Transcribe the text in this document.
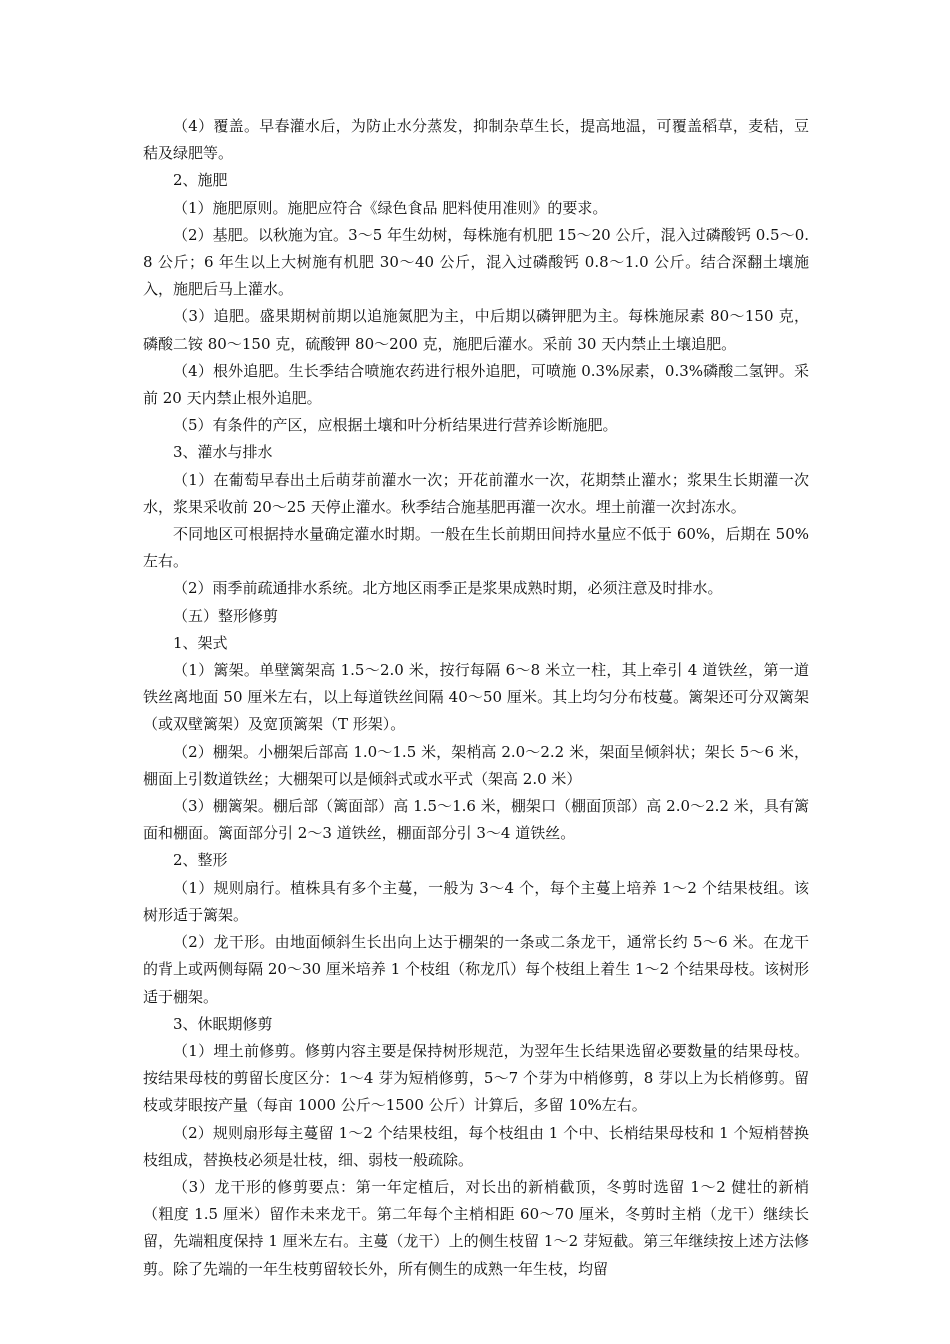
（4）覆盖。早春灌水后，为防止水分蒸发，抑制杂草生长，提高地温，可覆盖稻草，麦秸，豆秸及绿肥等。

2、施肥

（1）施肥原则。施肥应符合《绿色食品 肥料使用准则》的要求。

（2）基肥。以秋施为宜。3～5 年生幼树，每株施有机肥 15～20 公斤，混入过磷酸钙 0.5～0.8 公斤；6 年生以上大树施有机肥 30～40 公斤，混入过磷酸钙 0.8～1.0 公斤。结合深翻土壤施入，施肥后马上灌水。

（3）追肥。盛果期树前期以追施氮肥为主，中后期以磷钾肥为主。每株施尿素 80～150 克，磷酸二铵 80～150 克，硫酸钾 80～200 克，施肥后灌水。采前 30 天内禁止土壤追肥。

（4）根外追肥。生长季结合喷施农药进行根外追肥，可喷施 0.3%尿素，0.3%磷酸二氢钾。采前 20 天内禁止根外追肥。

（5）有条件的产区，应根据土壤和叶分析结果进行营养诊断施肥。

3、灌水与排水

（1）在葡萄早春出土后萌芽前灌水一次；开花前灌水一次，花期禁止灌水；浆果生长期灌一次水，浆果采收前 20～25 天停止灌水。秋季结合施基肥再灌一次水。埋土前灌一次封冻水。

不同地区可根据持水量确定灌水时期。一般在生长前期田间持水量应不低于 60%，后期在 50%左右。

（2）雨季前疏通排水系统。北方地区雨季正是浆果成熟时期，必须注意及时排水。

（五）整形修剪

1、架式

（1）篱架。单壁篱架高 1.5～2.0 米，按行每隔 6～8 米立一柱，其上牵引 4 道铁丝，第一道铁丝离地面 50 厘米左右，以上每道铁丝间隔 40～50 厘米。其上均匀分布枝蔓。篱架还可分双篱架（或双壁篱架）及宽顶篱架（T 形架）。

（2）棚架。小棚架后部高 1.0～1.5 米，架梢高 2.0～2.2 米，架面呈倾斜状；架长 5～6 米，棚面上引数道铁丝；大棚架可以是倾斜式或水平式（架高 2.0 米）

（3）棚篱架。棚后部（篱面部）高 1.5～1.6 米，棚架口（棚面顶部）高 2.0～2.2 米，具有篱面和棚面。篱面部分引 2～3 道铁丝，棚面部分引 3～4 道铁丝。

2、整形

（1）规则扇行。植株具有多个主蔓，一般为 3～4 个，每个主蔓上培养 1～2 个结果枝组。该树形适于篱架。

（2）龙干形。由地面倾斜生长出向上达于棚架的一条或二条龙干，通常长约 5～6 米。在龙干的背上或两侧每隔 20～30 厘米培养 1 个枝组（称龙爪）每个枝组上着生 1～2 个结果母枝。该树形适于棚架。

3、休眠期修剪

（1）埋土前修剪。修剪内容主要是保持树形规范，为翌年生长结果选留必要数量的结果母枝。按结果母枝的剪留长度区分：1～4 芽为短梢修剪，5～7 个芽为中梢修剪，8 芽以上为长梢修剪。留枝或芽眼按产量（每亩 1000 公斤～1500 公斤）计算后，多留 10%左右。

（2）规则扇形每主蔓留 1～2 个结果枝组，每个枝组由 1 个中、长梢结果母枝和 1 个短梢替换枝组成，替换枝必须是壮枝，细、弱枝一般疏除。

（3）龙干形的修剪要点：第一年定植后，对长出的新梢截顶，冬剪时选留 1～2 健壮的新梢（粗度 1.5 厘米）留作未来龙干。第二年每个主梢相距 60～70 厘米，冬剪时主梢（龙干）继续长留，先端粗度保持 1 厘米左右。主蔓（龙干）上的侧生枝留 1～2 芽短截。第三年继续按上述方法修剪。除了先端的一年生枝剪留较长外，所有侧生的成熟一年生枝，均留
